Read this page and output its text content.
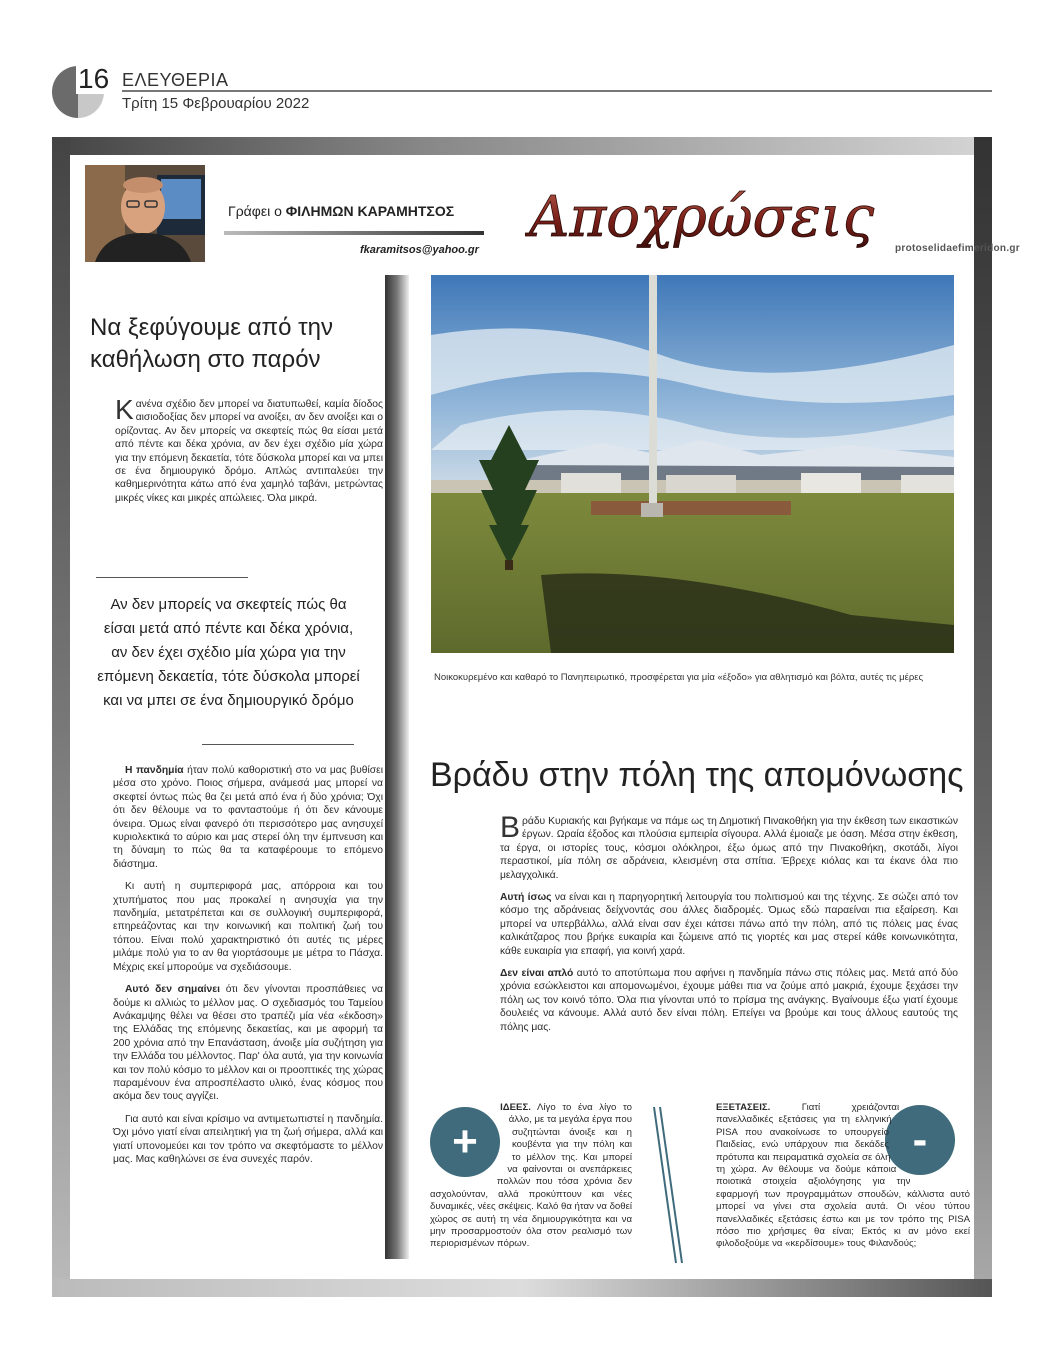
16 ΕΛΕΥΘΕΡΙΑ
Τρίτη 15 Φεβρουαρίου 2022
Γράφει ο ΦΙΛΗΜΩΝ ΚΑΡΑΜΗΤΣΟΣ
fkaramitsos@yahoo.gr Αποχρώσεις protoselidaefimeridon.gr
Να ξεφύγουμε από την καθήλωση στο παρόν
Κανένα σχέδιο δεν μπορεί να διατυπωθεί, καμία δίοδος αισιοδοξίας δεν μπορεί να ανοίξει, αν δεν ανοίξει και ο ορίζοντας. Αν δεν μπορείς να σκεφτείς πώς θα είσαι μετά από πέντε και δέκα χρόνια, αν δεν έχει σχέδιο μία χώρα για την επόμενη δεκαετία, τότε δύσκολα μπορεί και να μπει σε ένα δημιουργικό δρόμο. Απλώς αντιπαλεύει την καθημερινότητα κάτω από ένα χαμηλό ταβάνι, μετρώντας μικρές νίκες και μικρές απώλειες. Όλα μικρά.
Αν δεν μπορείς να σκεφτείς πώς θα είσαι μετά από πέντε και δέκα χρόνια, αν δεν έχει σχέδιο μία χώρα για την επόμενη δεκαετία, τότε δύσκολα μπορεί και να μπει σε ένα δημιουργικό δρόμο

Η πανδημία ήταν πολύ καθοριστική στο να μας βυθίσει μέσα στο χρόνο. Ποιος σήμερα, ανάμεσά μας μπορεί να σκεφτεί όντως πώς θα ζει μετά από ένα ή δύο χρόνια; Όχι ότι δεν θέλουμε να το φανταστούμε ή ότι δεν κάνουμε όνειρα. Όμως είναι φανερό ότι περισσότερο μας ανησυχεί κυριολεκτικά το αύριο και μας στερεί όλη την έμπνευση και τη δύναμη το πώς θα τα καταφέρουμε το επόμενο διάστημα.

Κι αυτή η συμπεριφορά μας, απόρροια και του χτυπήματος που μας προκαλεί η ανησυχία για την πανδημία, μετατρέπεται και σε συλλογική συμπεριφορά, επηρεάζοντας και την κοινωνική και πολιτική ζωή του τόπου. Είναι πολύ χαρακτηριστικό ότι αυτές τις μέρες μιλάμε πολύ για το αν θα γιορτάσουμε με μέτρα το Πάσχα. Μέχρις εκεί μπορούμε να σχεδιάσουμε.

Αυτό δεν σημαίνει ότι δεν γίνονται προσπάθειες να δούμε κι αλλιώς το μέλλον μας. Ο σχεδιασμός του Ταμείου Ανάκαμψης θέλει να θέσει στο τραπέζι μία νέα «έκδοση» της Ελλάδας της επόμενης δεκαετίας, και με αφορμή τα 200 χρόνια από την Επανάσταση, άνοιξε μία συζήτηση για την Ελλάδα του μέλλοντος. Παρ' όλα αυτά, για την κοινωνία και τον πολύ κόσμο το μέλλον και οι προοπτικές της χώρας παραμένουν ένα απροσπέλαστο υλικό, ένας κόσμος που ακόμα δεν τους αγγίζει.

Για αυτό και είναι κρίσιμο να αντιμετωπιστεί η πανδημία. Όχι μόνο γιατί είναι απειλητική για τη ζωή σήμερα, αλλά και γιατί υπονομεύει και τον τρόπο να σκεφτόμαστε το μέλλον μας. Μας καθηλώνει σε ένα συνεχές παρόν.

Νοικοκυρεμένο και καθαρό το Πανηπειρωτικό, προσφέρεται για μία «έξοδο» για αθλητισμό και βόλτα, αυτές τις μέρες
Βράδυ στην πόλη της απομόνωσης

Βράδυ Κυριακής και βγήκαμε να πάμε ως τη Δημοτική Πινακοθήκη για την έκθεση των εικαστικών έργων. Ωραία έξοδος και πλούσια εμπειρία σίγουρα. Αλλά έμοιαζε με όαση. Μέσα στην έκθεση, τα έργα, οι ιστορίες τους, κόσμοι ολόκληροι, έξω όμως από την Πινακοθήκη, σκοτάδι, λίγοι περαστικοί, μία πόλη σε αδράνεια, κλεισμένη στα σπίτια. Έβρεχε κιόλας και τα έκανε όλα πιο μελαγχολικά.

Αυτή ίσως να είναι και η παρηγορητική λειτουργία του πολιτισμού και της τέχνης. Σε σώζει από τον κόσμο της αδράνειας δείχνοντάς σου άλλες διαδρομές. Όμως εδώ παραείναι πια εξαίρεση. Και μπορεί να υπερβάλλω, αλλά είναι σαν έχει κάτσει πάνω από την πόλη, από τις πόλεις μας ένας καλικάτζαρος που βρήκε ευκαιρία και ξώμεινε από τις γιορτές και μας στερεί κάθε κοινωνικότητα, κάθε ευκαιρία για επαφή, για κοινή χαρά.

Δεν είναι απλό αυτό το αποτύπωμα που αφήνει η πανδημία πάνω στις πόλεις μας. Μετά από δύο χρόνια εσώκλειστοι και απομονωμένοι, έχουμε μάθει πια να ζούμε από μακριά, έχουμε ξεχάσει την πόλη ως τον κοινό τόπο. Όλα πια γίνονται υπό το πρίσμα της ανάγκης. Βγαίνουμε έξω γιατί έχουμε δουλειές να κάνουμε. Αλλά αυτό δεν είναι πόλη. Επείγει να βρούμε και τους άλλους εαυτούς της πόλης μας.

+
ΙΔΕΕΣ. Λίγο το ένα λίγο το άλλο, με τα μεγάλα έργα που συζητώνται άνοιξε και η κουβέντα για την πόλη και το μέλλον της. Και μπορεί να φαίνονται οι ανεπάρκειες πολλών που τόσα χρόνια δεν ασχολούνταν, αλλά προκύπτουν και νέες δυναμικές, νέες σκέψεις. Καλό θα ήταν να δοθεί χώρος σε αυτή τη νέα δημιουργικότητα και να μην προσαρμοστούν όλα στον ρεαλισμό των περιορισμένων πόρων.
-
ΕΞΕΤΑΣΕΙΣ. Γιατί χρειάζονται πανελλαδικές εξετάσεις για τη ελληνική PISA που ανακοίνωσε το υπουργείο Παιδείας, ενώ υπάρχουν πια δεκάδες πρότυπα και πειραματικά σχολεία σε όλη τη χώρα. Αν θέλουμε να δούμε κάποια ποιοτικά στοιχεία αξιολόγησης για την εφαρμογή των προγραμμάτων σπουδών, κάλλιστα αυτό μπορεί να γίνει στα σχολεία αυτά. Οι νέου τύπου πανελλαδικές εξετάσεις έστω και με τον τρόπο της PISA πόσο πιο χρήσιμες θα είναι; Εκτός κι αν μόνο εκεί φιλοδοξούμε να «κερδίσουμε» τους Φιλανδούς;
